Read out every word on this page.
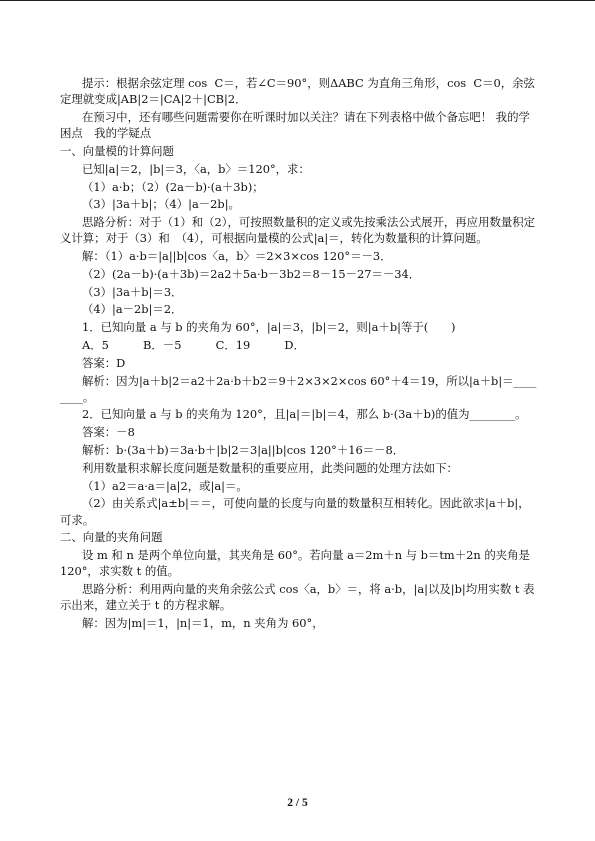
提示：根据余弦定理 cos  C＝，若∠C＝90°，则ΔABC 为直角三角形，cos  C＝0，余弦定理就变成|AB|2＝|CA|2＋|CB|2．

在预习中，还有哪些问题需要你在听课时加以关注？请在下列表格中做个备忘吧！ 我的学困点　我的学疑点

一、向量模的计算问题

已知|a|＝2，|b|＝3，〈a，b〉＝120°，求：

（1）a·b；（2）(2a－b)·(a＋3b)；

（3）|3a＋b|；（4）|a－2b|。

思路分析：对于（1）和（2），可按照数量积的定义或先按乘法公式展开，再应用数量积定义计算；对于（3）和　（4），可根据向量模的公式|a|＝，转化为数量积的计算问题。

解：（1）a·b＝|a||b|cos〈a，b〉＝2×3×cos 120°＝－3．

（2）(2a－b)·(a＋3b)＝2a2＋5a·b－3b2＝8－15－27＝－34．

（3）|3a＋b|＝3．

（4）|a－2b|＝2．

1．已知向量 a 与 b 的夹角为 60°，|a|＝3，|b|＝2，则|a＋b|等于(　　)

A．5　　　B．－5　　　C．19　　　D．

答案：D

解析：因为|a＋b|2＝a2＋2a·b＋b2＝9＋2×3×2×cos 60°＋4＝19，所以|a＋b|＝________。

2．已知向量 a 与 b 的夹角为 120°，且|a|＝|b|＝4，那么 b·(3a＋b)的值为________。

答案：－8

解析：b·(3a＋b)＝3a·b＋|b|2＝3|a||b|cos 120°＋16＝－8．

利用数量积求解长度问题是数量积的重要应用，此类问题的处理方法如下：

（1）a2＝a·a＝|a|2，或|a|＝。

（2）由关系式|a±b|＝＝，可使向量的长度与向量的数量积互相转化。因此欲求|a＋b|，可求。

二、向量的夹角问题

设 m 和 n 是两个单位向量，其夹角是 60°。若向量 a＝2m＋n 与 b＝tm＋2n 的夹角是 120°，求实数 t 的值。

思路分析：利用两向量的夹角余弦公式 cos〈a，b〉＝，将 a·b，|a|以及|b|均用实数 t 表示出来，建立关于 t 的方程求解。

解：因为|m|＝1，|n|＝1，m，n 夹角为 60°，

2 / 5
